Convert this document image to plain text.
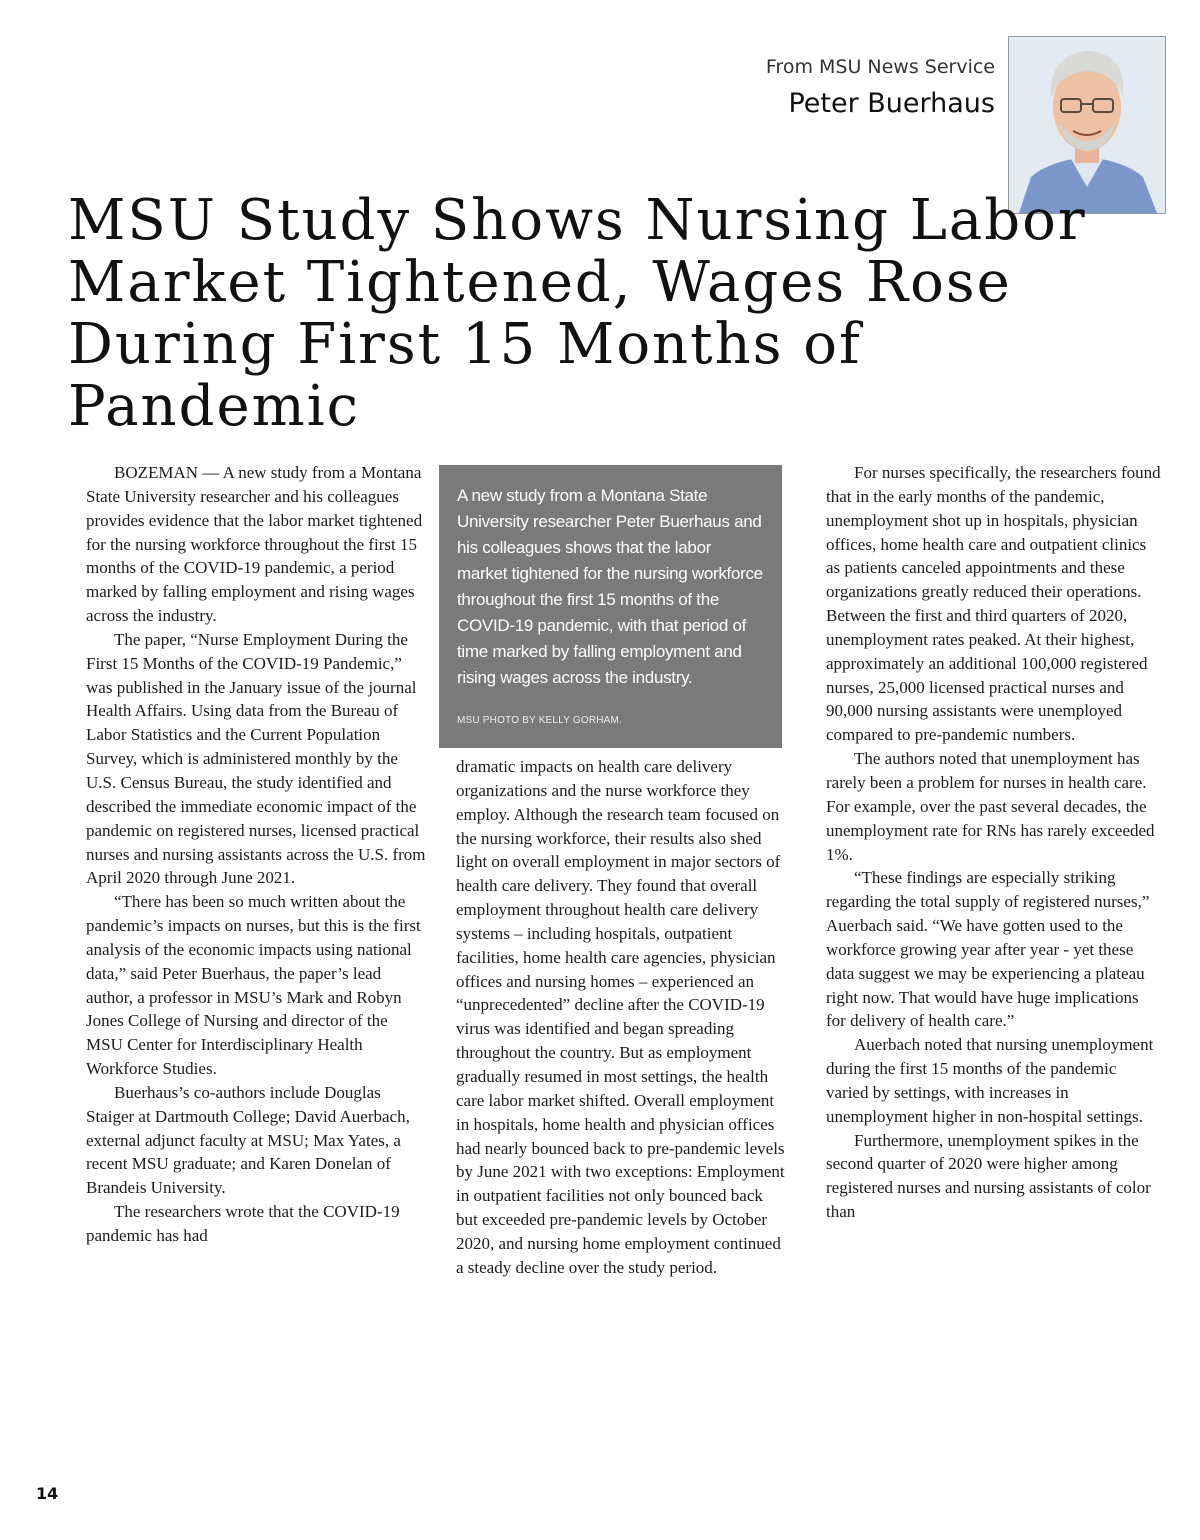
From MSU News Service
Peter Buerhaus
MSU Study Shows Nursing Labor Market Tightened, Wages Rose During First 15 Months of Pandemic

BOZEMAN — A new study from a Montana State University researcher and his colleagues provides evidence that the labor market tightened for the nursing workforce throughout the first 15 months of the COVID-19 pandemic, a period marked by falling employment and rising wages across the industry.

The paper, “Nurse Employment During the First 15 Months of the COVID-19 Pandemic,” was published in the January issue of the journal Health Affairs. Using data from the Bureau of Labor Statistics and the Current Population Survey, which is administered monthly by the U.S. Census Bureau, the study identified and described the immediate economic impact of the pandemic on registered nurses, licensed practical nurses and nursing assistants across the U.S. from April 2020 through June 2021.

“There has been so much written about the pandemic’s impacts on nurses, but this is the first analysis of the economic impacts using national data,” said Peter Buerhaus, the paper’s lead author, a professor in MSU’s Mark and Robyn Jones College of Nursing and director of the MSU Center for Interdisciplinary Health Workforce Studies.

Buerhaus’s co-authors include Douglas Staiger at Dartmouth College; David Auerbach, external adjunct faculty at MSU; Max Yates, a recent MSU graduate; and Karen Donelan of Brandeis University.

The researchers wrote that the COVID-19 pandemic has had

A new study from a Montana State University researcher Peter Buerhaus and his colleagues shows that the labor market tightened for the nursing workforce throughout the first 15 months of the COVID-19 pandemic, with that period of time marked by falling employment and rising wages across the industry.

MSU PHOTO BY KELLY GORHAM.

dramatic impacts on health care delivery organizations and the nurse workforce they employ. Although the research team focused on the nursing workforce, their results also shed light on overall employment in major sectors of health care delivery. They found that overall employment throughout health care delivery systems – including hospitals, outpatient facilities, home health care agencies, physician offices and nursing homes – experienced an “unprecedented” decline after the COVID-19 virus was identified and began spreading throughout the country. But as employment gradually resumed in most settings, the health care labor market shifted. Overall employment in hospitals, home health and physician offices had nearly bounced back to pre-pandemic levels by June 2021 with two exceptions: Employment in outpatient facilities not only bounced back but exceeded pre-pandemic levels by October 2020, and nursing home employment continued a steady decline over the study period.

For nurses specifically, the researchers found that in the early months of the pandemic, unemployment shot up in hospitals, physician offices, home health care and outpatient clinics as patients canceled appointments and these organizations greatly reduced their operations. Between the first and third quarters of 2020, unemployment rates peaked. At their highest, approximately an additional 100,000 registered nurses, 25,000 licensed practical nurses and 90,000 nursing assistants were unemployed compared to pre-pandemic numbers.

The authors noted that unemployment has rarely been a problem for nurses in health care. For example, over the past several decades, the unemployment rate for RNs has rarely exceeded 1%.

“These findings are especially striking regarding the total supply of registered nurses,” Auerbach said. “We have gotten used to the workforce growing year after year - yet these data suggest we may be experiencing a plateau right now. That would have huge implications for delivery of health care.”

Auerbach noted that nursing unemployment during the first 15 months of the pandemic varied by settings, with increases in unemployment higher in non-hospital settings.

Furthermore, unemployment spikes in the second quarter of 2020 were higher among registered nurses and nursing assistants of color than

14
